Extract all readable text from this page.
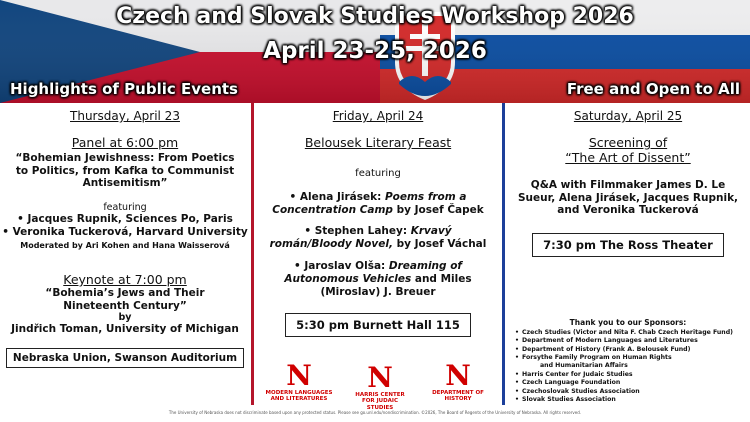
Czech and Slovak Studies Workshop 2026
April 23-25, 2026
Highlights of Public Events	Free and Open to All
Thursday, April 23
Panel at 6:00 pm
“Bohemian Jewishness: From Poetics to Politics, from Kafka to Communist Antisemitism”
featuring
• Jacques Rupnik, Sciences Po, Paris
• Veronika Tuckerová, Harvard University
Moderated by Ari Kohen and Hana Waisserová
Keynote at 7:00 pm
“Bohemia’s Jews and Their Nineteenth Century”
by
Jindřich Toman, University of Michigan
Nebraska Union, Swanson Auditorium
Friday, April 24
Belousek Literary Feast
featuring
• Alena Jirásek: Poems from a Concentration Camp by Josef Čapek
• Stephen Lahey: Krvavý román/Bloody Novel, by Josef Váchal
• Jaroslav Olša: Dreaming of Autonomous Vehicles and Miles (Miroslav) J. Breuer
5:30 pm Burnett Hall 115
Saturday, April 25
Screening of
“The Art of Dissent”
Q&A with Filmmaker James D. Le Sueur, Alena Jirásek, Jacques Rupnik, and Veronika Tuckerová
7:30 pm The Ross Theater
N
MODERN LANGUAGES AND LITERATURES
N
HARRIS CENTER FOR JUDAIC STUDIES
N
DEPARTMENT OF HISTORY
Thank you to our Sponsors:
• Czech Studies (Victor and Nita F. Chab Czech Heritage Fund)
• Department of Modern Languages and Literatures
• Department of History (Frank A. Belousek Fund)
• Forsythe Family Program on Human Rights
and Humanitarian Affairs
• Harris Center for Judaic Studies
• Czech Language Foundation
• Czechoslovak Studies Association
• Slovak Studies Association
The University of Nebraska does not discriminate based upon any protected status. Please see go.unl.edu/nondiscrimination. ©2026, The Board of Regents of the University of Nebraska. All rights reserved.
